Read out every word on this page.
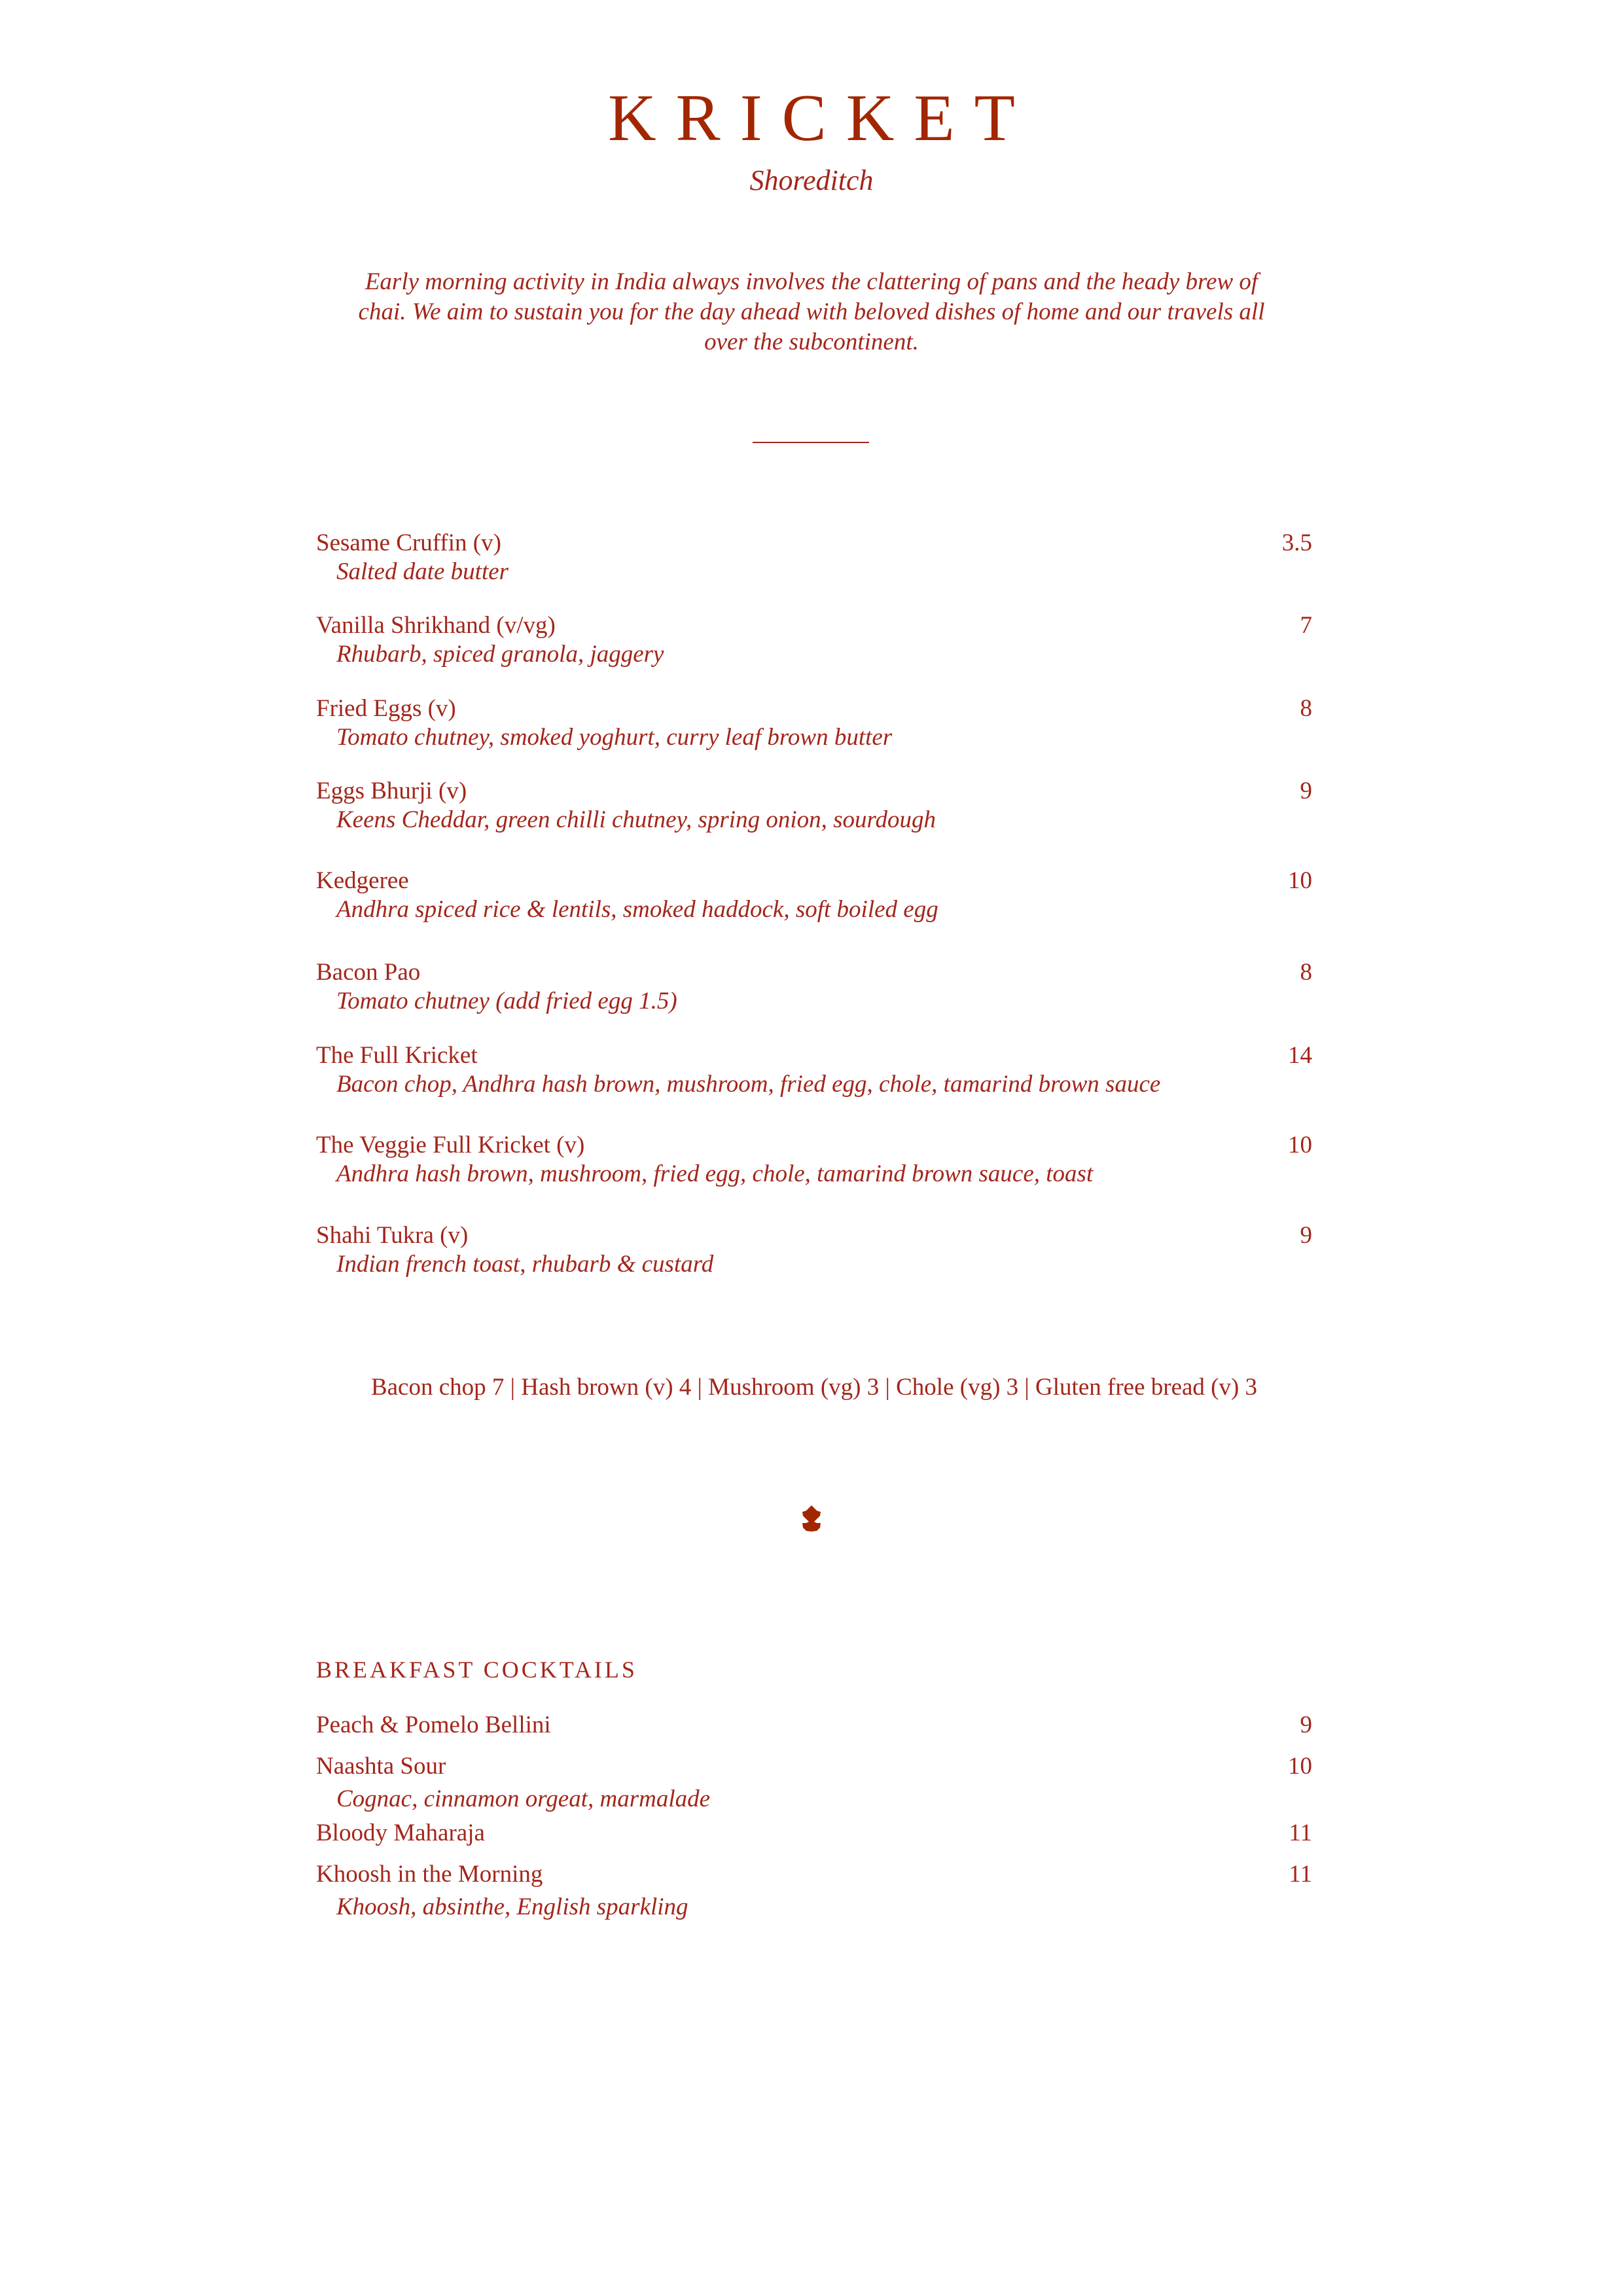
KRICKET
Shoreditch
Early morning activity in India always involves the clattering of pans and the heady brew of chai. We aim to sustain you for the day ahead with beloved dishes of home and our travels all over the subcontinent.
Sesame Cruffin (v)	3.5
Salted date butter
Vanilla Shrikhand (v/vg)	7
Rhubarb, spiced granola, jaggery
Fried Eggs (v)	8
Tomato chutney, smoked yoghurt, curry leaf brown butter
Eggs Bhurji (v)	9
Keens Cheddar, green chilli chutney, spring onion, sourdough
Kedgeree	10
Andhra spiced rice & lentils, smoked haddock, soft boiled egg
Bacon Pao	8
Tomato chutney (add fried egg 1.5)
The Full Kricket	14
Bacon chop, Andhra hash brown, mushroom, fried egg, chole, tamarind brown sauce
The Veggie Full Kricket (v)	10
Andhra hash brown, mushroom, fried egg, chole, tamarind brown sauce, toast
Shahi Tukra (v)	9
Indian french toast, rhubarb & custard
Bacon chop 7 | Hash brown (v) 4 | Mushroom (vg) 3 | Chole (vg) 3 | Gluten free bread (v) 3
BREAKFAST COCKTAILS
Peach & Pomelo Bellini	9
Naashta Sour	10
Cognac, cinnamon orgeat, marmalade
Bloody Maharaja	11
Khoosh in the Morning	11
Khoosh, absinthe, English sparkling
